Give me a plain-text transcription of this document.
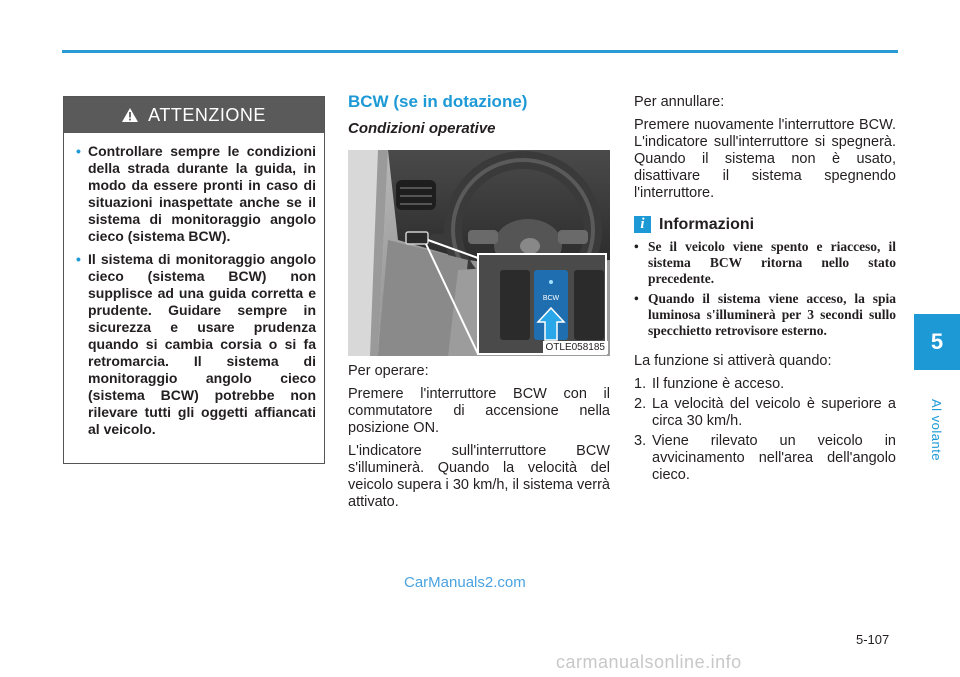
5
Al volante
ATTENZIONE
• Controllare sempre le condizioni della strada durante la guida, in modo da essere pronti in caso di situazioni inaspettate anche se il sistema di monitoraggio angolo cieco (sistema BCW).
• Il sistema di monitoraggio angolo cieco (sistema BCW) non supplisce ad una guida corretta e prudente. Guidare sempre in sicurezza e usare prudenza quando si cambia corsia o si fa retromarcia. Il sistema di monitoraggio angolo cieco (sistema BCW) potrebbe non rilevare tutti gli oggetti affiancati al veicolo.
BCW (se in dotazione)
Condizioni operative
BCW
OTLE058185

Per operare:

Premere l'interruttore BCW con il commutatore di accensione nella posizione ON.

L'indicatore sull'interruttore BCW s'illuminerà. Quando la velocità del veicolo supera i 30 km/h, il sistema verrà attivato.

Per annullare:

Premere nuovamente l'interruttore BCW. L'indicatore sull'interruttore si spegnerà. Quando il sistema non è usato, disattivare il sistema spegnendo l'interruttore.

i Informazioni
• Se il veicolo viene spento e riacceso, il sistema BCW ritorna nello stato precedente.
• Quando il sistema viene acceso, la spia luminosa s'illuminerà per 3 secondi sullo specchietto retrovisore esterno.

La funzione si attiverà quando:

1. Il funzione è acceso.
2. La velocità del veicolo è superiore a circa 30 km/h.
3. Viene rilevato un veicolo in avvicinamento nell'area dell'angolo cieco.
5-107
CarManuals2.com
carmanualsonline.info
